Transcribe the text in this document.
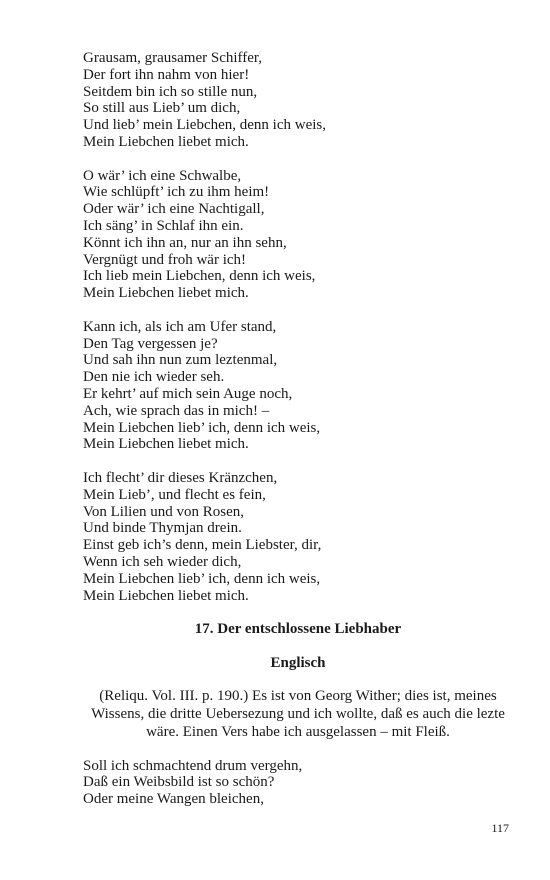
Grausam, grausamer Schiffer,
Der fort ihn nahm von hier!
Seitdem bin ich so stille nun,
So still aus Lieb’ um dich,
Und lieb’ mein Liebchen, denn ich weis,
Mein Liebchen liebet mich.
O wär’ ich eine Schwalbe,
Wie schlüpft’ ich zu ihm heim!
Oder wär’ ich eine Nachtigall,
Ich säng’ in Schlaf ihn ein.
Könnt ich ihn an, nur an ihn sehn,
Vergnügt und froh wär ich!
Ich lieb mein Liebchen, denn ich weis,
Mein Liebchen liebet mich.
Kann ich, als ich am Ufer stand,
Den Tag vergessen je?
Und sah ihn nun zum leztenmal,
Den nie ich wieder seh.
Er kehrt’ auf mich sein Auge noch,
Ach, wie sprach das in mich! –
Mein Liebchen lieb’ ich, denn ich weis,
Mein Liebchen liebet mich.
Ich flecht’ dir dieses Kränzchen,
Mein Lieb’, und flecht es fein,
Von Lilien und von Rosen,
Und binde Thymjan drein.
Einst geb ich’s denn, mein Liebster, dir,
Wenn ich seh wieder dich,
Mein Liebchen lieb’ ich, denn ich weis,
Mein Liebchen liebet mich.
17. Der entschlossene Liebhaber
Englisch
(Reliqu. Vol. III. p. 190.) Es ist von Georg Wither; dies ist, meines
Wissens, die dritte Uebersezung und ich wollte, daß es auch die lezte
wäre. Einen Vers habe ich ausgelassen – mit Fleiß.
Soll ich schmachtend drum vergehn,
Daß ein Weibsbild ist so schön?
Oder meine Wangen bleichen,
117
